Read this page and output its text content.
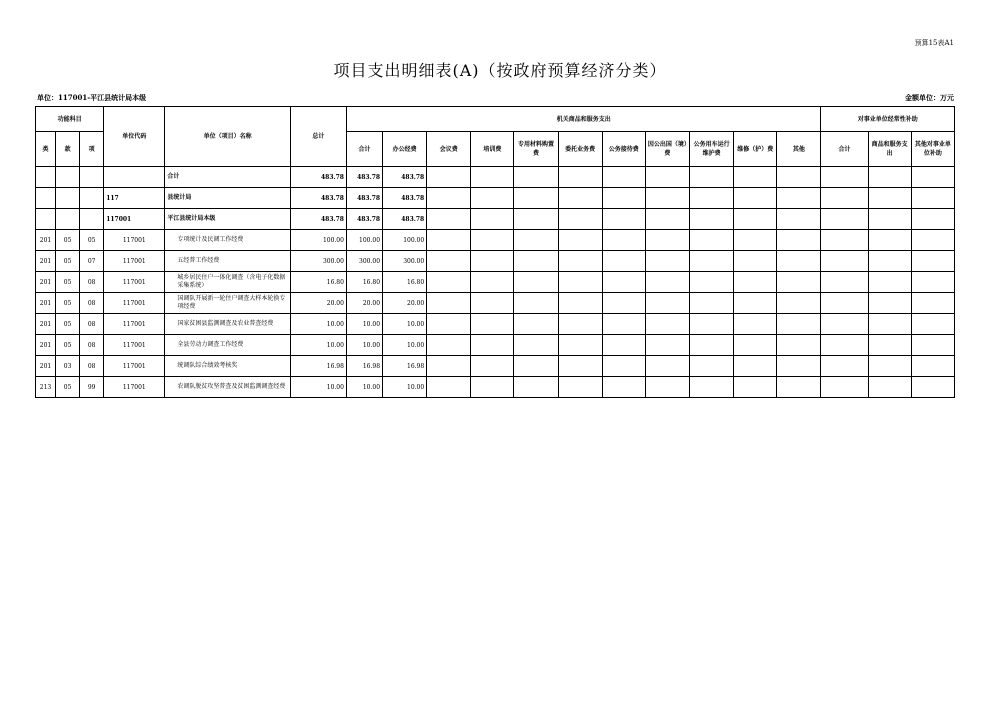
预算15表A1
项目支出明细表(A)（按政府预算经济分类）
单位：117001-平江县统计局本级	金额单位：万元
功能科目			单位代码	单位（项目）名称	总计	机关商品和服务支出											对事业单位经常性补助		
类	款	项				合计	办公经费	会议费	培训费	专用材料购置费	委托业务费	公务接待费	因公出国（境）费	公务用车运行维护费	维修（护）费	其他	合计	商品和服务支出	其他对事业单位补助
				合计	483.78	483.78	483.78												
			117	县统计局	483.78	483.78	483.78												
			117001	平江县统计局本级	483.78	483.78	483.78												
201	05	05	117001	专项统计及民调工作经费	100.00	100.00	100.00												
201	05	07	117001	五经普工作经费	300.00	300.00	300.00												
201	05	08	117001	城乡居民住户一体化调查（含电子化数据采集系统）	16.80	16.80	16.80												
201	05	08	117001	国调队开展新一轮住户调查大样本轮换专项经费	20.00	20.00	20.00												
201	05	08	117001	国家贫困县监测调查及农业普查经费	10.00	10.00	10.00												
201	05	08	117001	全县劳动力调查工作经费	10.00	10.00	10.00												
201	03	08	117001	统调队综合绩效考核奖	16.98	16.98	16.98												
213	05	99	117001	农调队脱贫攻坚普查及贫困监测调查经费	10.00	10.00	10.00												
